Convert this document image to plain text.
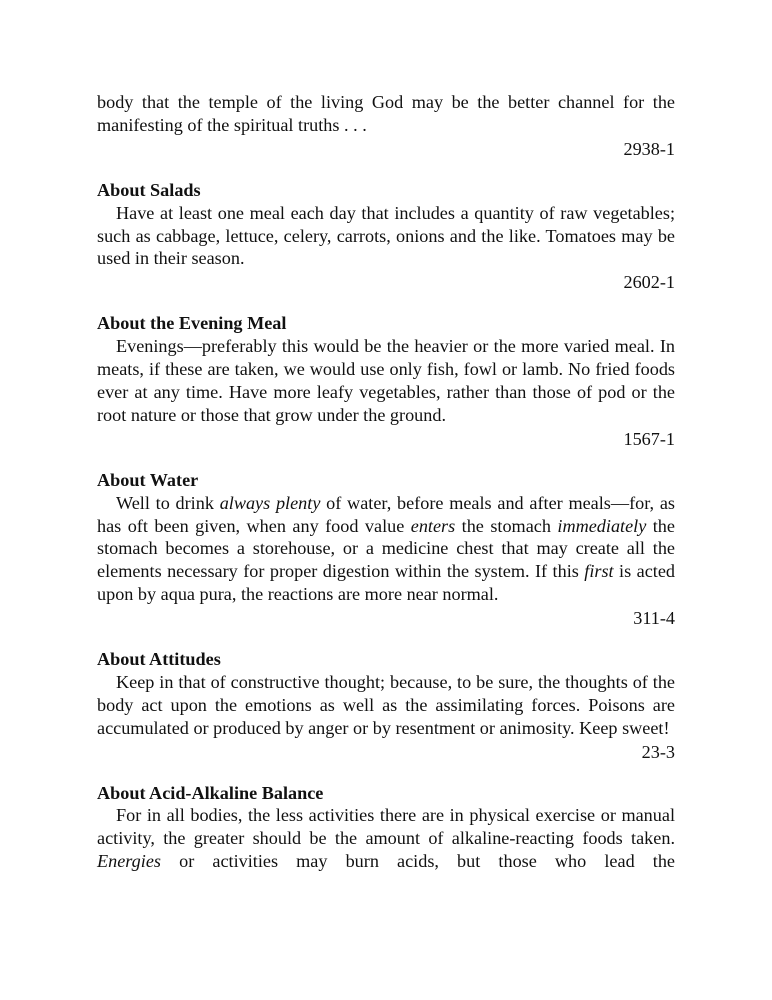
body that the temple of the living God may be the better channel for the manifesting of the spiritual truths . . .

2938-1

About Salads

Have at least one meal each day that includes a quantity of raw vegetables; such as cabbage, lettuce, celery, carrots, onions and the like. Tomatoes may be used in their season.

2602-1

About the Evening Meal

Evenings—preferably this would be the heavier or the more varied meal. In meats, if these are taken, we would use only fish, fowl or lamb. No fried foods ever at any time. Have more leafy vegetables, rather than those of pod or the root nature or those that grow under the ground.

1567-1

About Water

Well to drink always plenty of water, before meals and after meals—for, as has oft been given, when any food value enters the stomach immediately the stomach becomes a storehouse, or a medicine chest that may create all the elements necessary for proper digestion within the system. If this first is acted upon by aqua pura, the reactions are more near normal.

311-4

About Attitudes

Keep in that of constructive thought; because, to be sure, the thoughts of the body act upon the emotions as well as the assimilating forces. Poisons are accumulated or produced by anger or by resentment or animosity. Keep sweet!

23-3

About Acid-Alkaline Balance

For in all bodies, the less activities there are in physical exercise or manual activity, the greater should be the amount of alkaline-reacting foods taken. Energies or activities may burn acids, but those who lead the
